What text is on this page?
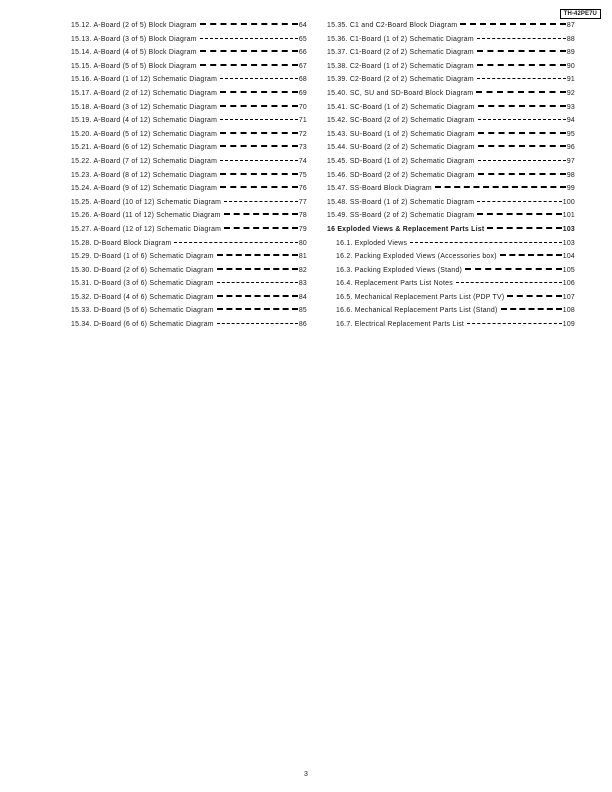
TH-42PE7U
15.12. A-Board (2 of 5) Block Diagram	64
15.13. A-Board (3 of 5) Block Diagram	65
15.14. A-Board (4 of 5) Block Diagram	66
15.15. A-Board (5 of 5) Block Diagram	67
15.16. A-Board (1 of 12) Schematic Diagram	68
15.17. A-Board (2 of 12) Schematic Diagram	69
15.18. A-Board (3 of 12) Schematic Diagram	70
15.19. A-Board (4 of 12) Schematic Diagram	71
15.20. A-Board (5 of 12) Schematic Diagram	72
15.21. A-Board (6 of 12) Schematic Diagram	73
15.22. A-Board (7 of 12) Schematic Diagram	74
15.23. A-Board (8 of 12) Schematic Diagram	75
15.24. A-Board (9 of 12) Schematic Diagram	76
15.25. A-Board (10 of 12) Schematic Diagram	77
15.26. A-Board (11 of 12) Schematic Diagram	78
15.27. A-Board (12 of 12) Schematic Diagram	79
15.28. D-Board Block Diagram	80
15.29. D-Board (1 of 6) Schematic Diagram	81
15.30. D-Board (2 of 6) Schematic Diagram	82
15.31. D-Board (3 of 6) Schematic Diagram	83
15.32. D-Board (4 of 6) Schematic Diagram	84
15.33. D-Board (5 of 6) Schematic Diagram	85
15.34. D-Board (6 of 6) Schematic Diagram	86
15.35. C1 and C2-Board Block Diagram	87
15.36. C1-Board (1 of 2) Schematic Diagram	88
15.37. C1-Board (2 of 2) Schematic Diagram	89
15.38. C2-Board (1 of 2) Schematic Diagram	90
15.39. C2-Board (2 of 2) Schematic Diagram	91
15.40. SC, SU and SD-Board Block Diagram	92
15.41. SC-Board (1 of 2) Schematic Diagram	93
15.42. SC-Board (2 of 2) Schematic Diagram	94
15.43. SU-Board (1 of 2) Schematic Diagram	95
15.44. SU-Board (2 of 2) Schematic Diagram	96
15.45. SD-Board (1 of 2) Schematic Diagram	97
15.46. SD-Board (2 of 2) Schematic Diagram	98
15.47. SS-Board Block Diagram	99
15.48. SS-Board (1 of 2) Schematic Diagram	100
15.49. SS-Board (2 of 2) Schematic Diagram	101
16 Exploded Views & Replacement Parts List	103
16.1. Exploded Views	103
16.2. Packing Exploded Views (Accessories box)	104
16.3. Packing Exploded Views (Stand)	105
16.4. Replacement Parts List Notes	106
16.5. Mechanical Replacement Parts List (PDP TV)	107
16.6. Mechanical Replacement Parts List (Stand)	108
16.7. Electrical Replacement Parts List	109
3
